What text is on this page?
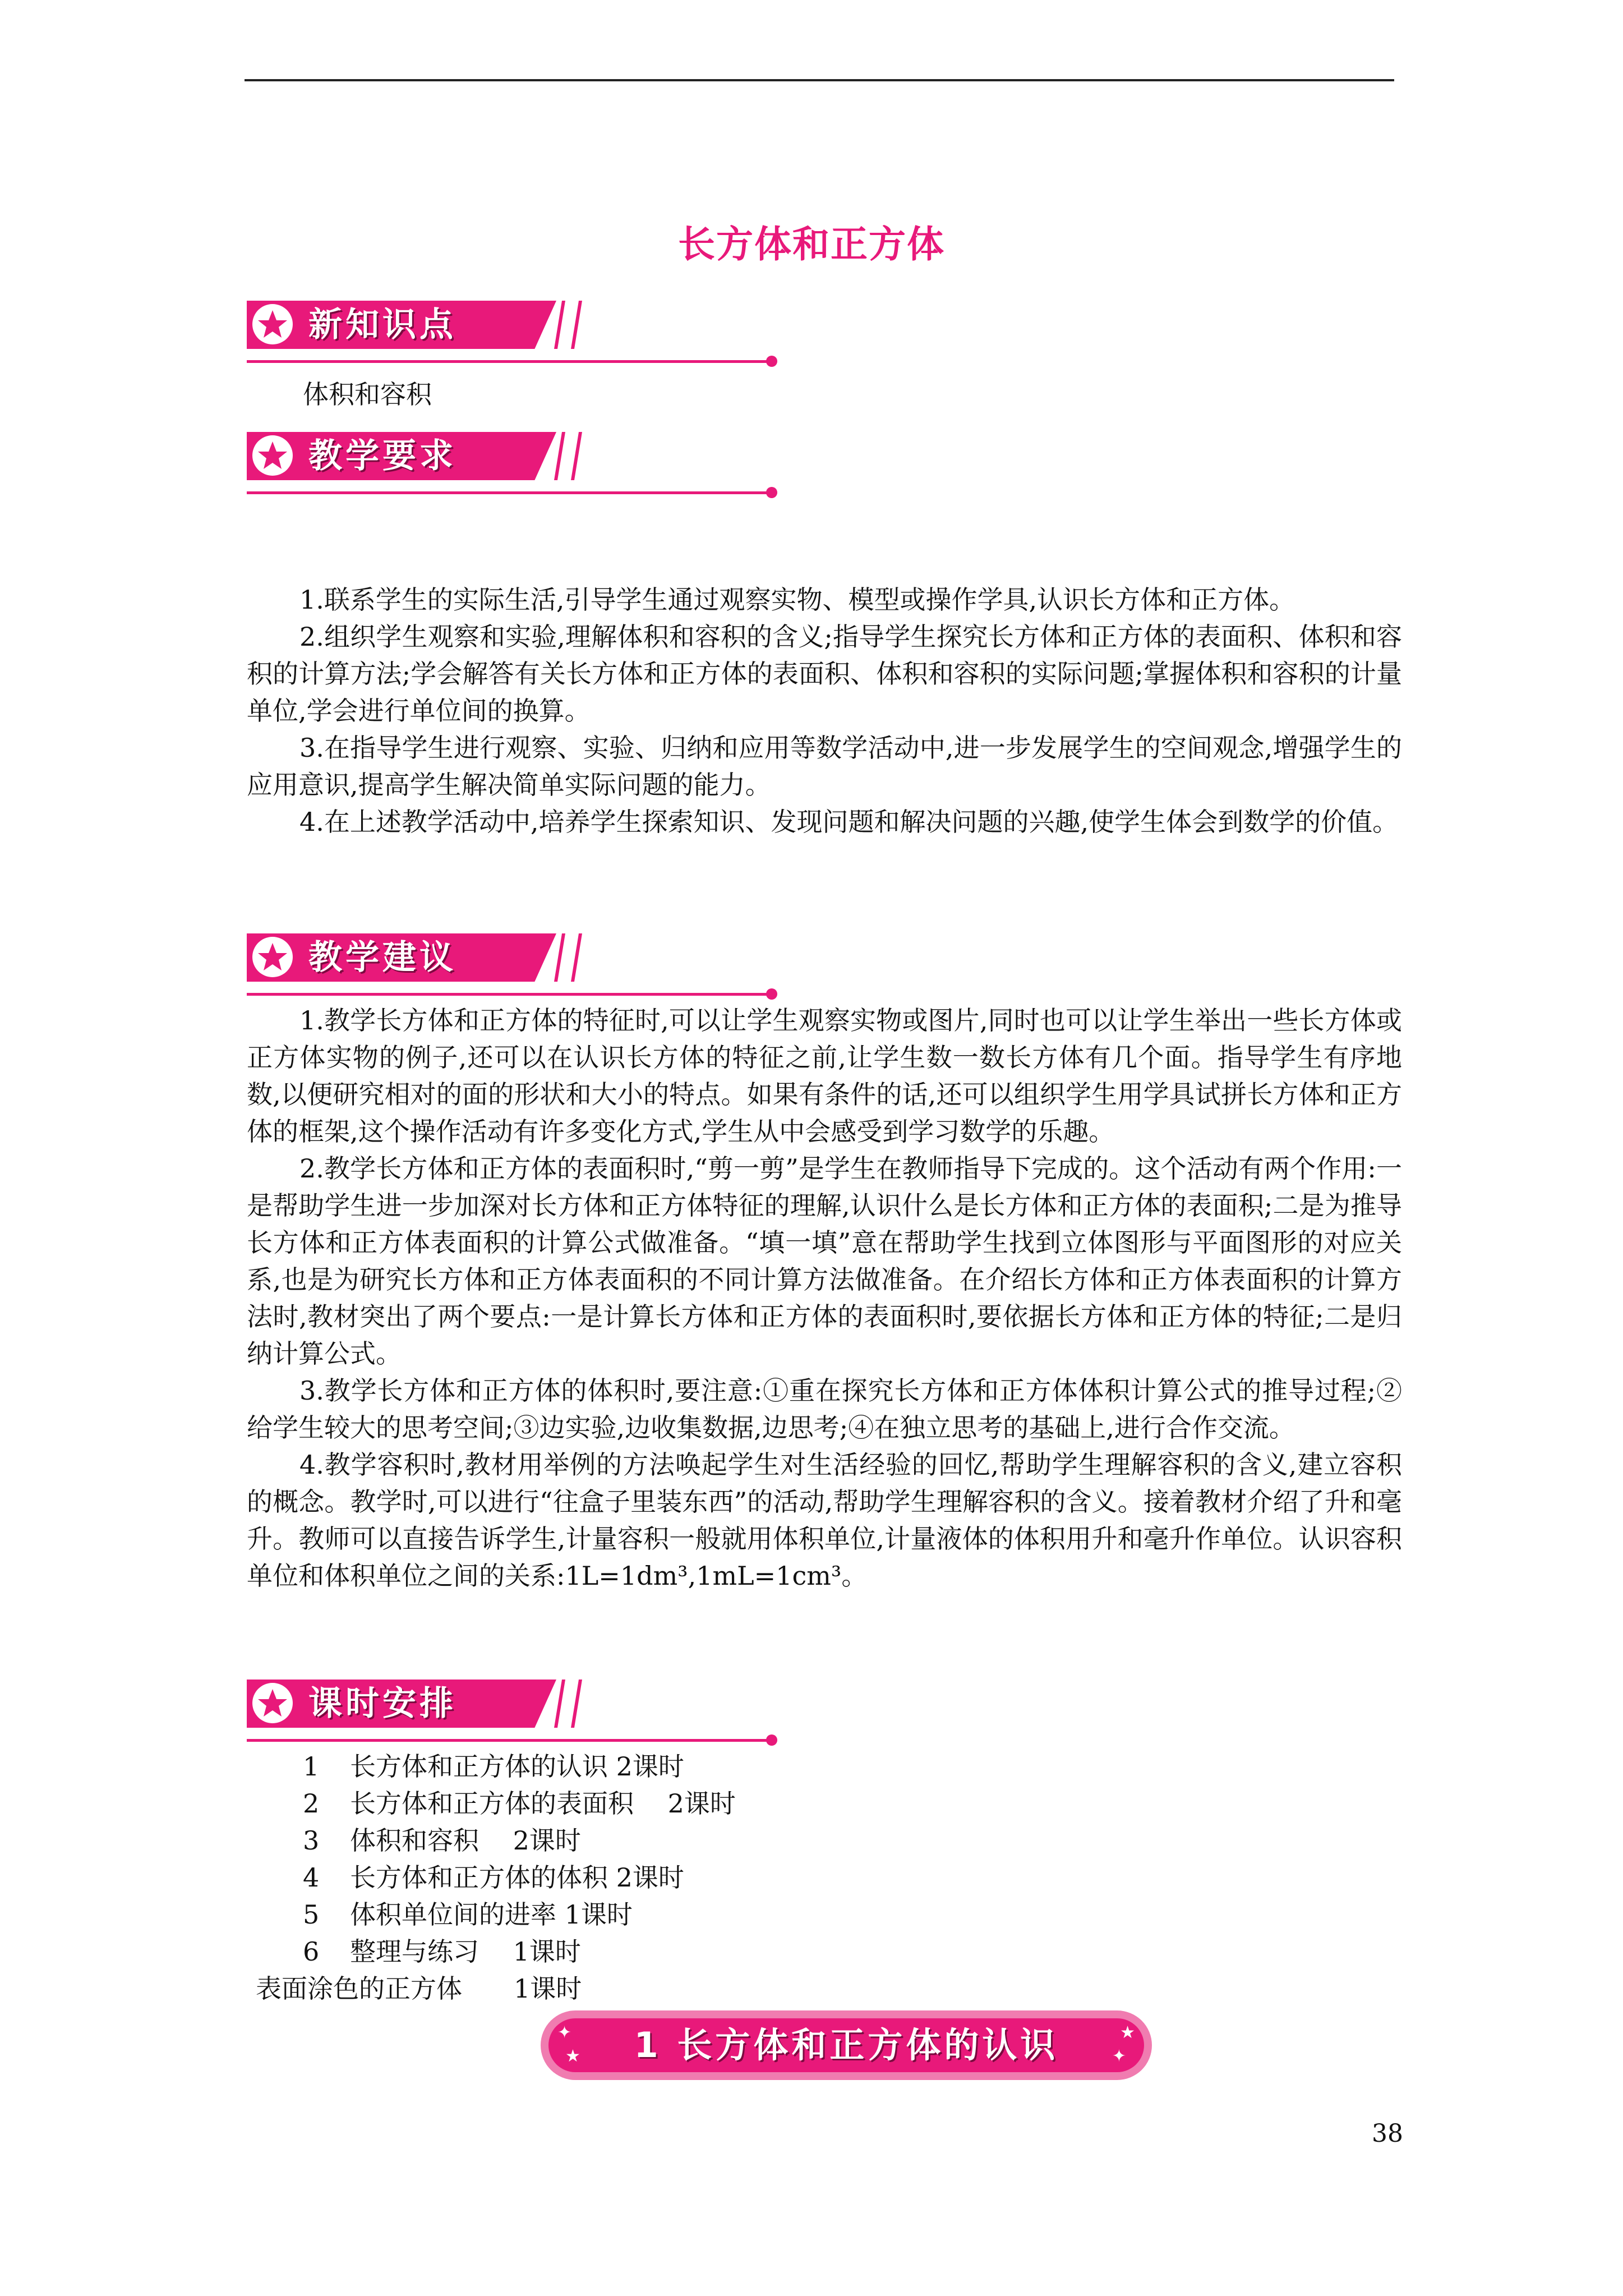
长方体和正方体
新知识点

体积和容积

教学要求

1.联系学生的实际生活,引导学生通过观察实物、模型或操作学具,认识长方体和正方体。

2.组织学生观察和实验,理解体积和容积的含义;指导学生探究长方体和正方体的表面积、体积和容积的计算方法;学会解答有关长方体和正方体的表面积、体积和容积的实际问题;掌握体积和容积的计量单位,学会进行单位间的换算。

3.在指导学生进行观察、实验、归纳和应用等数学活动中,进一步发展学生的空间观念,增强学生的应用意识,提高学生解决简单实际问题的能力。

4.在上述教学活动中,培养学生探索知识、发现问题和解决问题的兴趣,使学生体会到数学的价值。

教学建议

1.教学长方体和正方体的特征时,可以让学生观察实物或图片,同时也可以让学生举出一些长方体或正方体实物的例子,还可以在认识长方体的特征之前,让学生数一数长方体有几个面。指导学生有序地数,以便研究相对的面的形状和大小的特点。如果有条件的话,还可以组织学生用学具试拼长方体和正方体的框架,这个操作活动有许多变化方式,学生从中会感受到学习数学的乐趣。

2.教学长方体和正方体的表面积时,“剪一剪”是学生在教师指导下完成的。这个活动有两个作用:一是帮助学生进一步加深对长方体和正方体特征的理解,认识什么是长方体和正方体的表面积;二是为推导长方体和正方体表面积的计算公式做准备。“填一填”意在帮助学生找到立体图形与平面图形的对应关系,也是为研究长方体和正方体表面积的不同计算方法做准备。在介绍长方体和正方体表面积的计算方法时,教材突出了两个要点:一是计算长方体和正方体的表面积时,要依据长方体和正方体的特征;二是归纳计算公式。

3.教学长方体和正方体的体积时,要注意:①重在探究长方体和正方体体积计算公式的推导过程;②给学生较大的思考空间;③边实验,边收集数据,边思考;④在独立思考的基础上,进行合作交流。

4.教学容积时,教材用举例的方法唤起学生对生活经验的回忆,帮助学生理解容积的含义,建立容积的概念。教学时,可以进行“往盒子里装东西”的活动,帮助学生理解容积的含义。接着教材介绍了升和毫升。教师可以直接告诉学生,计量容积一般就用体积单位,计量液体的体积用升和毫升作单位。认识容积单位和体积单位之间的关系:1L=1dm³,1mL=1cm³。

课时安排
1 长方体和正方体的认识 2课时
2 长方体和正方体的表面积　 2课时
3 体积和容积　 2课时
4 长方体和正方体的体积 2课时
5 体积单位间的进率 1课时
6 整理与练习　 1课时
表面涂色的正方体　　1课时
✦
★
★
✦
1 长方体和正方体的认识
38
